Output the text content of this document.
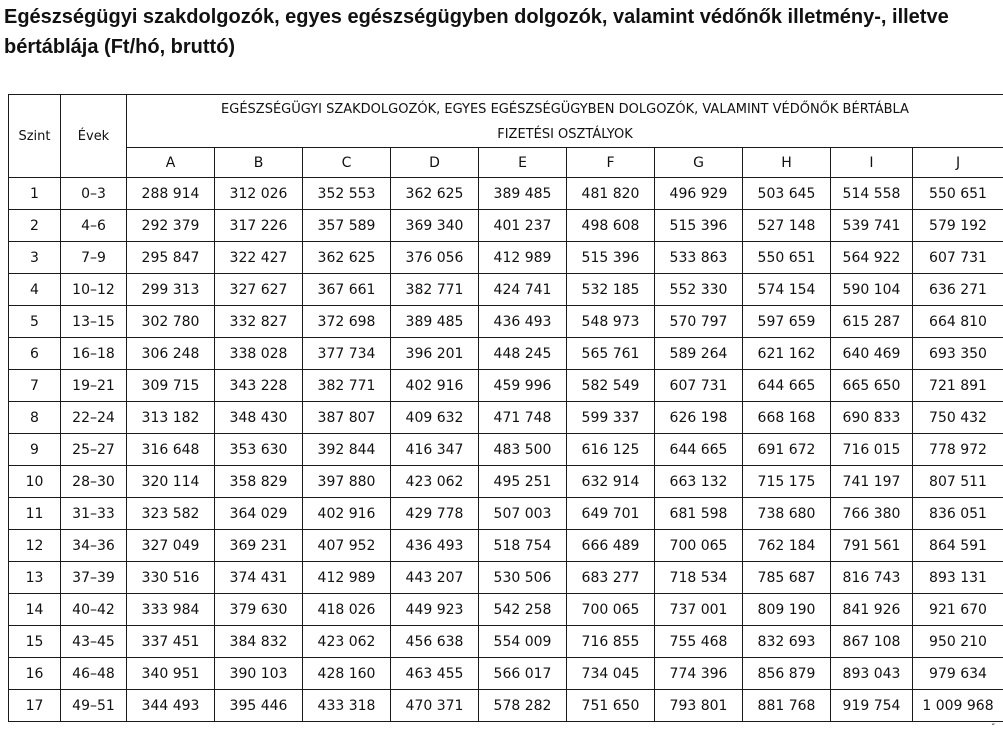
Egészségügyi szakdolgozók, egyes egészségügyben dolgozók, valamint védőnők illetmény-, illetve bértáblája (Ft/hó, bruttó)
Szint	Évek	EGÉSZSÉGÜGYI SZAKDOLGOZÓK, EGYES EGÉSZSÉGÜGYBEN DOLGOZÓK, VALAMINT VÉDŐNŐK BÉRTÁBLA									
		FIZETÉSI OSZTÁLYOK									
		A	B	C	D	E	F	G	H	I	J
1	0–3	288 914	312 026	352 553	362 625	389 485	481 820	496 929	503 645	514 558	550 651
2	4–6	292 379	317 226	357 589	369 340	401 237	498 608	515 396	527 148	539 741	579 192
3	7–9	295 847	322 427	362 625	376 056	412 989	515 396	533 863	550 651	564 922	607 731
4	10–12	299 313	327 627	367 661	382 771	424 741	532 185	552 330	574 154	590 104	636 271
5	13–15	302 780	332 827	372 698	389 485	436 493	548 973	570 797	597 659	615 287	664 810
6	16–18	306 248	338 028	377 734	396 201	448 245	565 761	589 264	621 162	640 469	693 350
7	19–21	309 715	343 228	382 771	402 916	459 996	582 549	607 731	644 665	665 650	721 891
8	22–24	313 182	348 430	387 807	409 632	471 748	599 337	626 198	668 168	690 833	750 432
9	25–27	316 648	353 630	392 844	416 347	483 500	616 125	644 665	691 672	716 015	778 972
10	28–30	320 114	358 829	397 880	423 062	495 251	632 914	663 132	715 175	741 197	807 511
11	31–33	323 582	364 029	402 916	429 778	507 003	649 701	681 598	738 680	766 380	836 051
12	34–36	327 049	369 231	407 952	436 493	518 754	666 489	700 065	762 184	791 561	864 591
13	37–39	330 516	374 431	412 989	443 207	530 506	683 277	718 534	785 687	816 743	893 131
14	40–42	333 984	379 630	418 026	449 923	542 258	700 065	737 001	809 190	841 926	921 670
15	43–45	337 451	384 832	423 062	456 638	554 009	716 855	755 468	832 693	867 108	950 210
16	46–48	340 951	390 103	428 160	463 455	566 017	734 045	774 396	856 879	893 043	979 634
17	49–51	344 493	395 446	433 318	470 371	578 282	751 650	793 801	881 768	919 754	1 009 968
″
